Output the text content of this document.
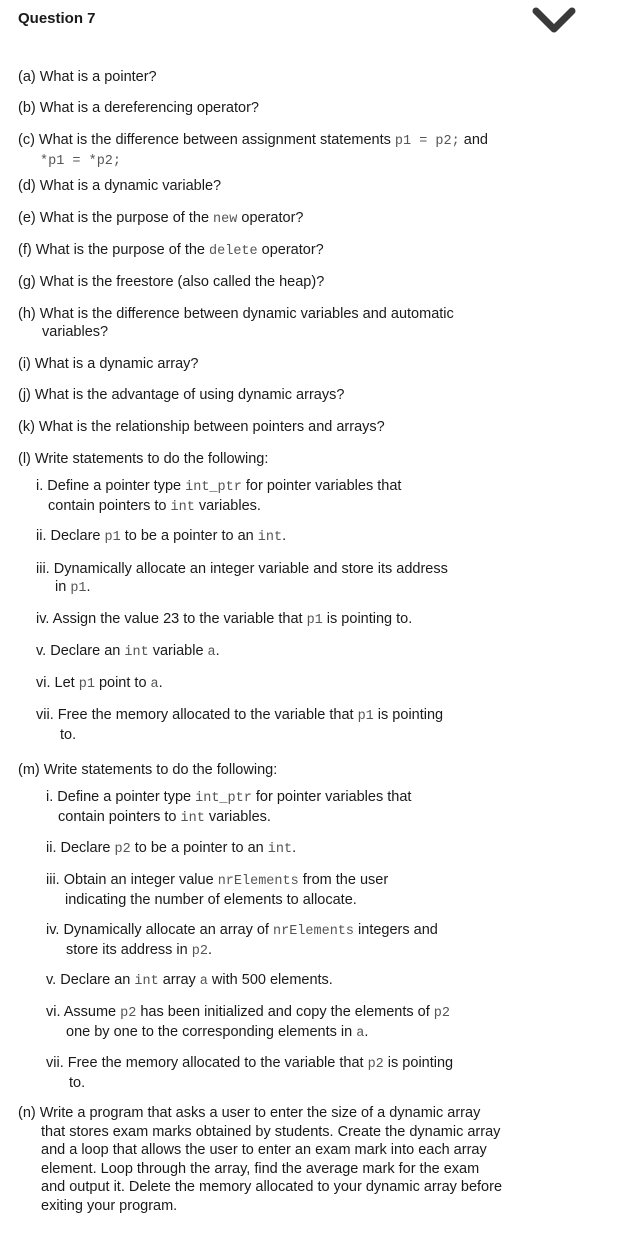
Question 7
(a) What is a pointer?
(b) What is a dereferencing operator?
(c) What is the difference between assignment statements p1 = p2; and
*p1 = *p2;
(d) What is a dynamic variable?
(e) What is the purpose of the new operator?
(f) What is the purpose of the delete operator?
(g) What is the freestore (also called the heap)?
(h) What is the difference between dynamic variables and automatic
variables?
(i) What is a dynamic array?
(j) What is the advantage of using dynamic arrays?
(k) What is the relationship between pointers and arrays?
(l) Write statements to do the following:
i. Define a pointer type int_ptr for pointer variables that
contain pointers to int variables.
ii. Declare p1 to be a pointer to an int.
iii. Dynamically allocate an integer variable and store its address
in p1.
iv. Assign the value 23 to the variable that p1 is pointing to.
v. Declare an int variable a.
vi. Let p1 point to a.
vii. Free the memory allocated to the variable that p1 is pointing
to.
(m) Write statements to do the following:
i. Define a pointer type int_ptr for pointer variables that
contain pointers to int variables.
ii. Declare p2 to be a pointer to an int.
iii. Obtain an integer value nrElements from the user
indicating the number of elements to allocate.
iv. Dynamically allocate an array of nrElements integers and
store its address in p2.
v. Declare an int array a with 500 elements.
vi. Assume p2 has been initialized and copy the elements of p2
one by one to the corresponding elements in a.
vii. Free the memory allocated to the variable that p2 is pointing
to.
(n) Write a program that asks a user to enter the size of a dynamic array
that stores exam marks obtained by students. Create the dynamic array
and a loop that allows the user to enter an exam mark into each array
element. Loop through the array, find the average mark for the exam
and output it. Delete the memory allocated to your dynamic array before
exiting your program.
